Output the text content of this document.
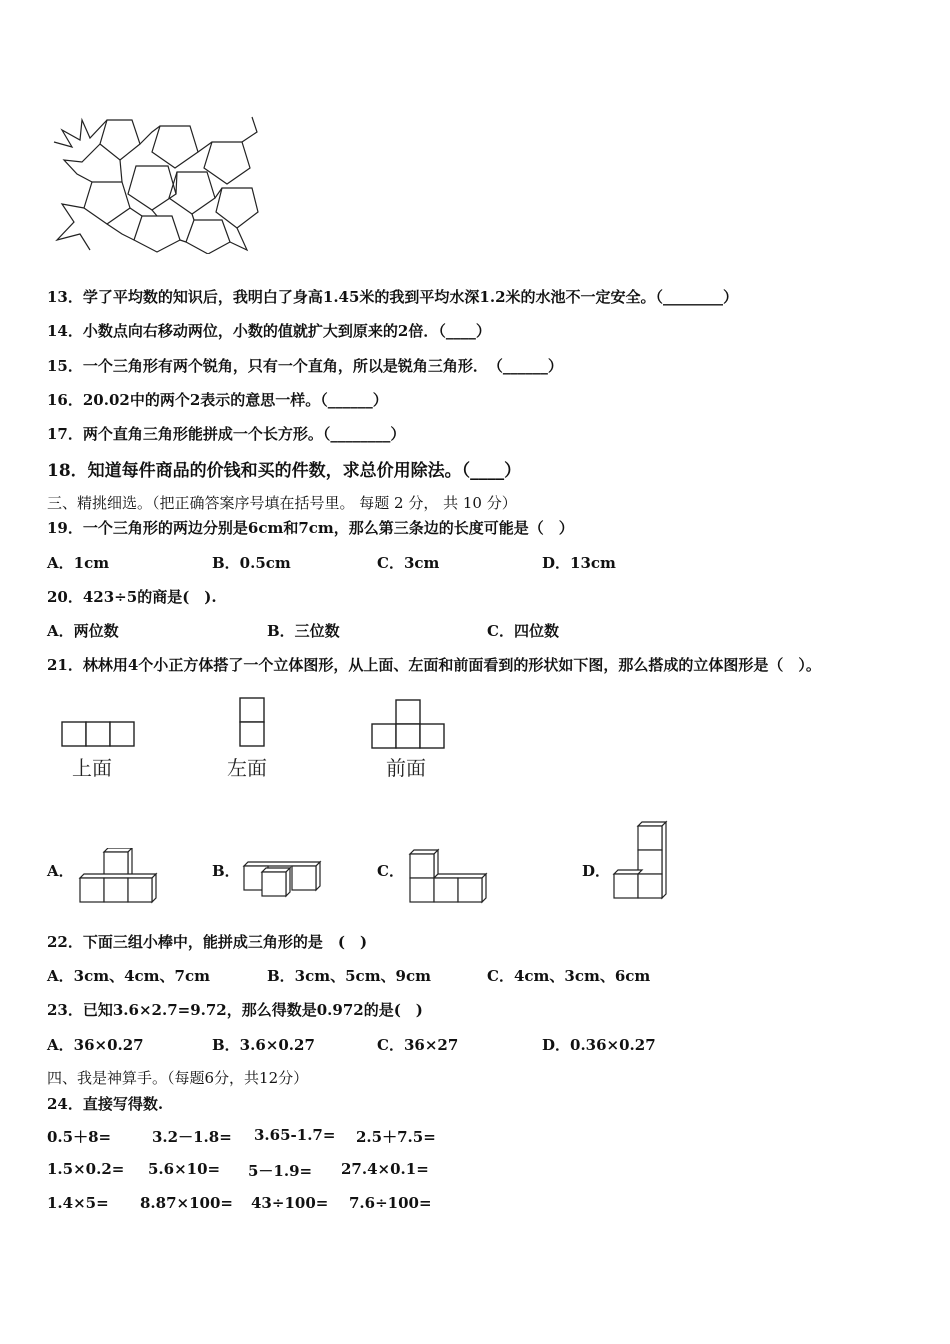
13．学了平均数的知识后，我明白了身高1.45米的我到平均水深1.2米的水池不一定安全。（________）
14．小数点向右移动两位，小数的值就扩大到原来的2倍．（____）
15．一个三角形有两个锐角，只有一个直角，所以是锐角三角形．　（______）
16．20.02中的两个2表示的意思一样。（______）
17．两个直角三角形能拼成一个长方形。（________）
18．知道每件商品的价钱和买的件数，求总价用除法。（____）
三、精挑细选。（把正确答案序号填在括号里。 每题 2 分， 共 10 分）
19．一个三角形的两边分别是6cm和7cm，那么第三条边的长度可能是（　）
A．1cm	B．0.5cm	C．3cm	D．13cm
20．423÷5的商是(　).
A．两位数	B．三位数	C．四位数
21．林林用4个小正方体搭了一个立体图形，从上面、左面和前面看到的形状如下图，那么搭成的立体图形是（　）。
上面	左面	前面
A．	B．	C．	D．
22．下面三组小棒中，能拼成三角形的是　(　)
A．3cm、4cm、7cm	B．3cm、5cm、9cm	C．4cm、3cm、6cm
23．已知3.6×2.7=9.72，那么得数是0.972的是(　)
A．36×0.27	B．3.6×0.27	C．36×27	D．0.36×0.27
四、我是神算手。（每题6分，共12分）
24．直接写得数.
0.5＋8=	3.2－1.8= 3.65-1.7= 2.5＋7.5=
1.5×0.2= 5.6×10= 5－1.9= 27.4×0.1=
1.4×5= 8.87×100= 43÷100= 7.6÷100=
